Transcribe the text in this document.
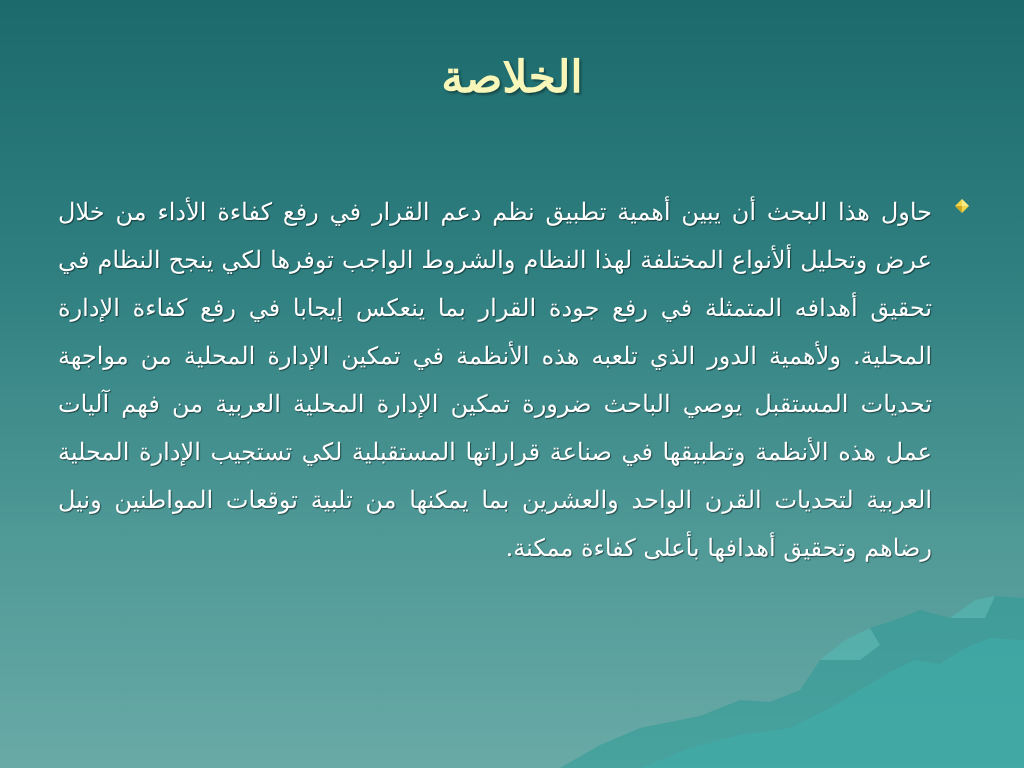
الخلاصة
حاول هذا البحث أن يبين أهمية تطبيق نظم دعم القرار في رفع كفاءة الأداء من خلال عرض وتحليل ألأنواع المختلفة لهذا النظام والشروط الواجب توفرها لكي ينجح النظام في تحقيق أهدافه المتمثلة في رفع جودة القرار بما ينعكس إيجابا في رفع كفاءة الإدارة المحلية. ولأهمية الدور الذي تلعبه هذه الأنظمة في تمكين الإدارة المحلية من مواجهة تحديات المستقبل يوصي الباحث ضرورة تمكين الإدارة المحلية العربية من فهم آليات عمل هذه الأنظمة وتطبيقها في صناعة قراراتها المستقبلية لكي تستجيب الإدارة المحلية العربية لتحديات القرن الواحد والعشرين بما يمكنها من تلبية توقعات المواطنين ونيل رضاهم وتحقيق أهدافها بأعلى كفاءة ممكنة.
